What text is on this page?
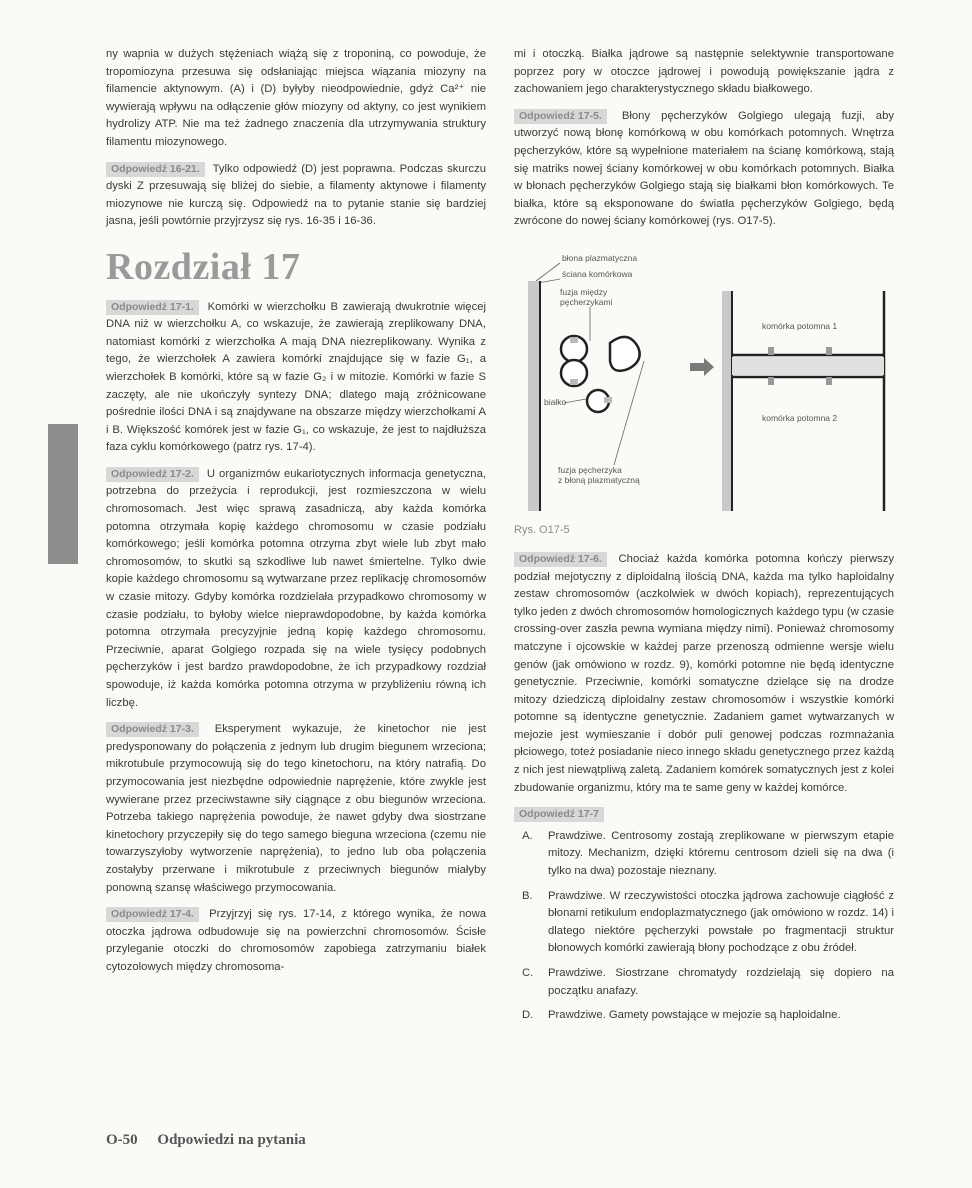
ny wapnia w dużych stężeniach wiążą się z troponiną, co powoduje, że tropomiozyna przesuwa się odsłaniając miejsca wiązania miozyny na filamencie aktynowym. (A) i (D) byłyby nieodpowiednie, gdyż Ca²⁺ nie wywierają wpływu na odłączenie głów miozyny od aktyny, co jest wynikiem hydrolizy ATP. Nie ma też żadnego znaczenia dla utrzymywania struktury filamentu miozynowego.

Odpowiedź 16-21. Tylko odpowiedź (D) jest poprawna. Podczas skurczu dyski Z przesuwają się bliżej do siebie, a filamenty aktynowe i filamenty miozynowe nie kurczą się. Odpowiedź na to pytanie stanie się bardziej jasna, jeśli powtórnie przyjrzysz się rys. 16-35 i 16-36.

Rozdział 17

Odpowiedź 17-1. Komórki w wierzchołku B zawierają dwukrotnie więcej DNA niż w wierzchołku A, co wskazuje, że zawierają zreplikowany DNA, natomiast komórki z wierzchołka A mają DNA niezreplikowany. Wynika z tego, że wierzchołek A zawiera komórki znajdujące się w fazie G₁, a wierzchołek B komórki, które są w fazie G₂ i w mitozie. Komórki w fazie S zaczęty, ale nie ukończyły syntezy DNA; dlatego mają zróżnicowane pośrednie ilości DNA i są znajdywane na obszarze między wierzchołkami A i B. Większość komórek jest w fazie G₁, co wskazuje, że jest to najdłuższa faza cyklu komórkowego (patrz rys. 17-4).

Odpowiedź 17-2. U organizmów eukariotycznych informacja genetyczna, potrzebna do przeżycia i reprodukcji, jest rozmieszczona w wielu chromosomach. Jest więc sprawą zasadniczą, aby każda komórka potomna otrzymała kopię każdego chromosomu w czasie podziału komórkowego; jeśli komórka potomna otrzyma zbyt wiele lub zbyt mało chromosomów, to skutki są szkodliwe lub nawet śmiertelne. Tylko dwie kopie każdego chromosomu są wytwarzane przez replikację chromosomów w czasie mitozy. Gdyby komórka rozdzielała przypadkowo chromosomy w czasie podziału, to byłoby wielce nieprawdopodobne, by każda komórka potomna otrzymała precyzyjnie jedną kopię każdego chromosomu. Przeciwnie, aparat Golgiego rozpada się na wiele tysięcy podobnych pęcherzyków i jest bardzo prawdopodobne, że ich przypadkowy rozdział spowoduje, iż każda komórka potomna otrzyma w przybliżeniu równą ich liczbę.

Odpowiedź 17-3. Eksperyment wykazuje, że kinetochor nie jest predysponowany do połączenia z jednym lub drugim biegunem wrzeciona; mikrotubule przymocowują się do tego kinetochoru, na który natrafią. Do przymocowania jest niezbędne odpowiednie naprężenie, które zwykle jest wywierane przez przeciwstawne siły ciągnące z obu biegunów wrzeciona. Potrzeba takiego naprężenia powoduje, że nawet gdyby dwa siostrzane kinetochory przyczepiły się do tego samego bieguna wrzeciona (czemu nie towarzyszyłoby wytworzenie naprężenia), to jedno lub oba połączenia zostałyby przerwane i mikrotubule z przeciwnych biegunów miałyby ponowną szansę właściwego przymocowania.

Odpowiedź 17-4. Przyjrzyj się rys. 17-14, z którego wynika, że nowa otoczka jądrowa odbudowuje się na powierzchni chromosomów. Ścisłe przyleganie otoczki do chromosomów zapobiega zatrzymaniu białek cytozolowych między chromosoma-

mi i otoczką. Białka jądrowe są następnie selektywnie transportowane poprzez pory w otoczce jądrowej i powodują powiększanie jądra z zachowaniem jego charakterystycznego składu białkowego.

Odpowiedź 17-5. Błony pęcherzyków Golgiego ulegają fuzji, aby utworzyć nową błonę komórkową w obu komórkach potomnych. Wnętrza pęcherzyków, które są wypełnione materiałem na ścianę komórkową, stają się matriks nowej ściany komórkowej w obu komórkach potomnych. Białka w błonach pęcherzyków Golgiego stają się białkami błon komórkowych. Te białka, które są eksponowane do światła pęcherzyków Golgiego, będą zwrócone do nowej ściany komórkowej (rys. O17-5).

błona plazmatyczna
ściana komórkowa
fuzja między
pęcherzykami
białko
fuzja pęcherzyka
z błoną plazmatyczną
komórka potomna 1
komórka potomna 2
Rys. O17-5

Odpowiedź 17-6. Chociaż każda komórka potomna kończy pierwszy podział mejotyczny z diploidalną ilością DNA, każda ma tylko haploidalny zestaw chromosomów (aczkolwiek w dwóch kopiach), reprezentujących tylko jeden z dwóch chromosomów homologicznych każdego typu (w czasie crossing-over zaszła pewna wymiana między nimi). Ponieważ chromosomy matczyne i ojcowskie w każdej parze przenoszą odmienne wersje wielu genów (jak omówiono w rozdz. 9), komórki potomne nie będą identyczne genetycznie. Przeciwnie, komórki somatyczne dzielące się na drodze mitozy dziedziczą diploidalny zestaw chromosomów i wszystkie komórki potomne są identyczne genetycznie. Zadaniem gamet wytwarzanych w mejozie jest wymieszanie i dobór puli genowej podczas rozmnażania płciowego, toteż posiadanie nieco innego składu genetycznego przez każdą z nich jest niewątpliwą zaletą. Zadaniem komórek somatycznych jest z kolei zbudowanie organizmu, który ma te same geny w każdej komórce.

Odpowiedź 17-7

A.	Prawdziwe. Centrosomy zostają zreplikowane w pierwszym etapie mitozy. Mechanizm, dzięki któremu centrosom dzieli się na dwa (i tylko na dwa) pozostaje nieznany.
B.	Prawdziwe. W rzeczywistości otoczka jądrowa zachowuje ciągłość z błonami retikulum endoplazmatycznego (jak omówiono w rozdz. 14) i dlatego niektóre pęcherzyki powstałe po fragmentacji struktur błonowych komórki zawierają błony pochodzące z obu źródeł.
C.	Prawdziwe. Siostrzane chromatydy rozdzielają się dopiero na początku anafazy.
D.	Prawdziwe. Gamety powstające w mejozie są haploidalne.
O-50 Odpowiedzi na pytania
